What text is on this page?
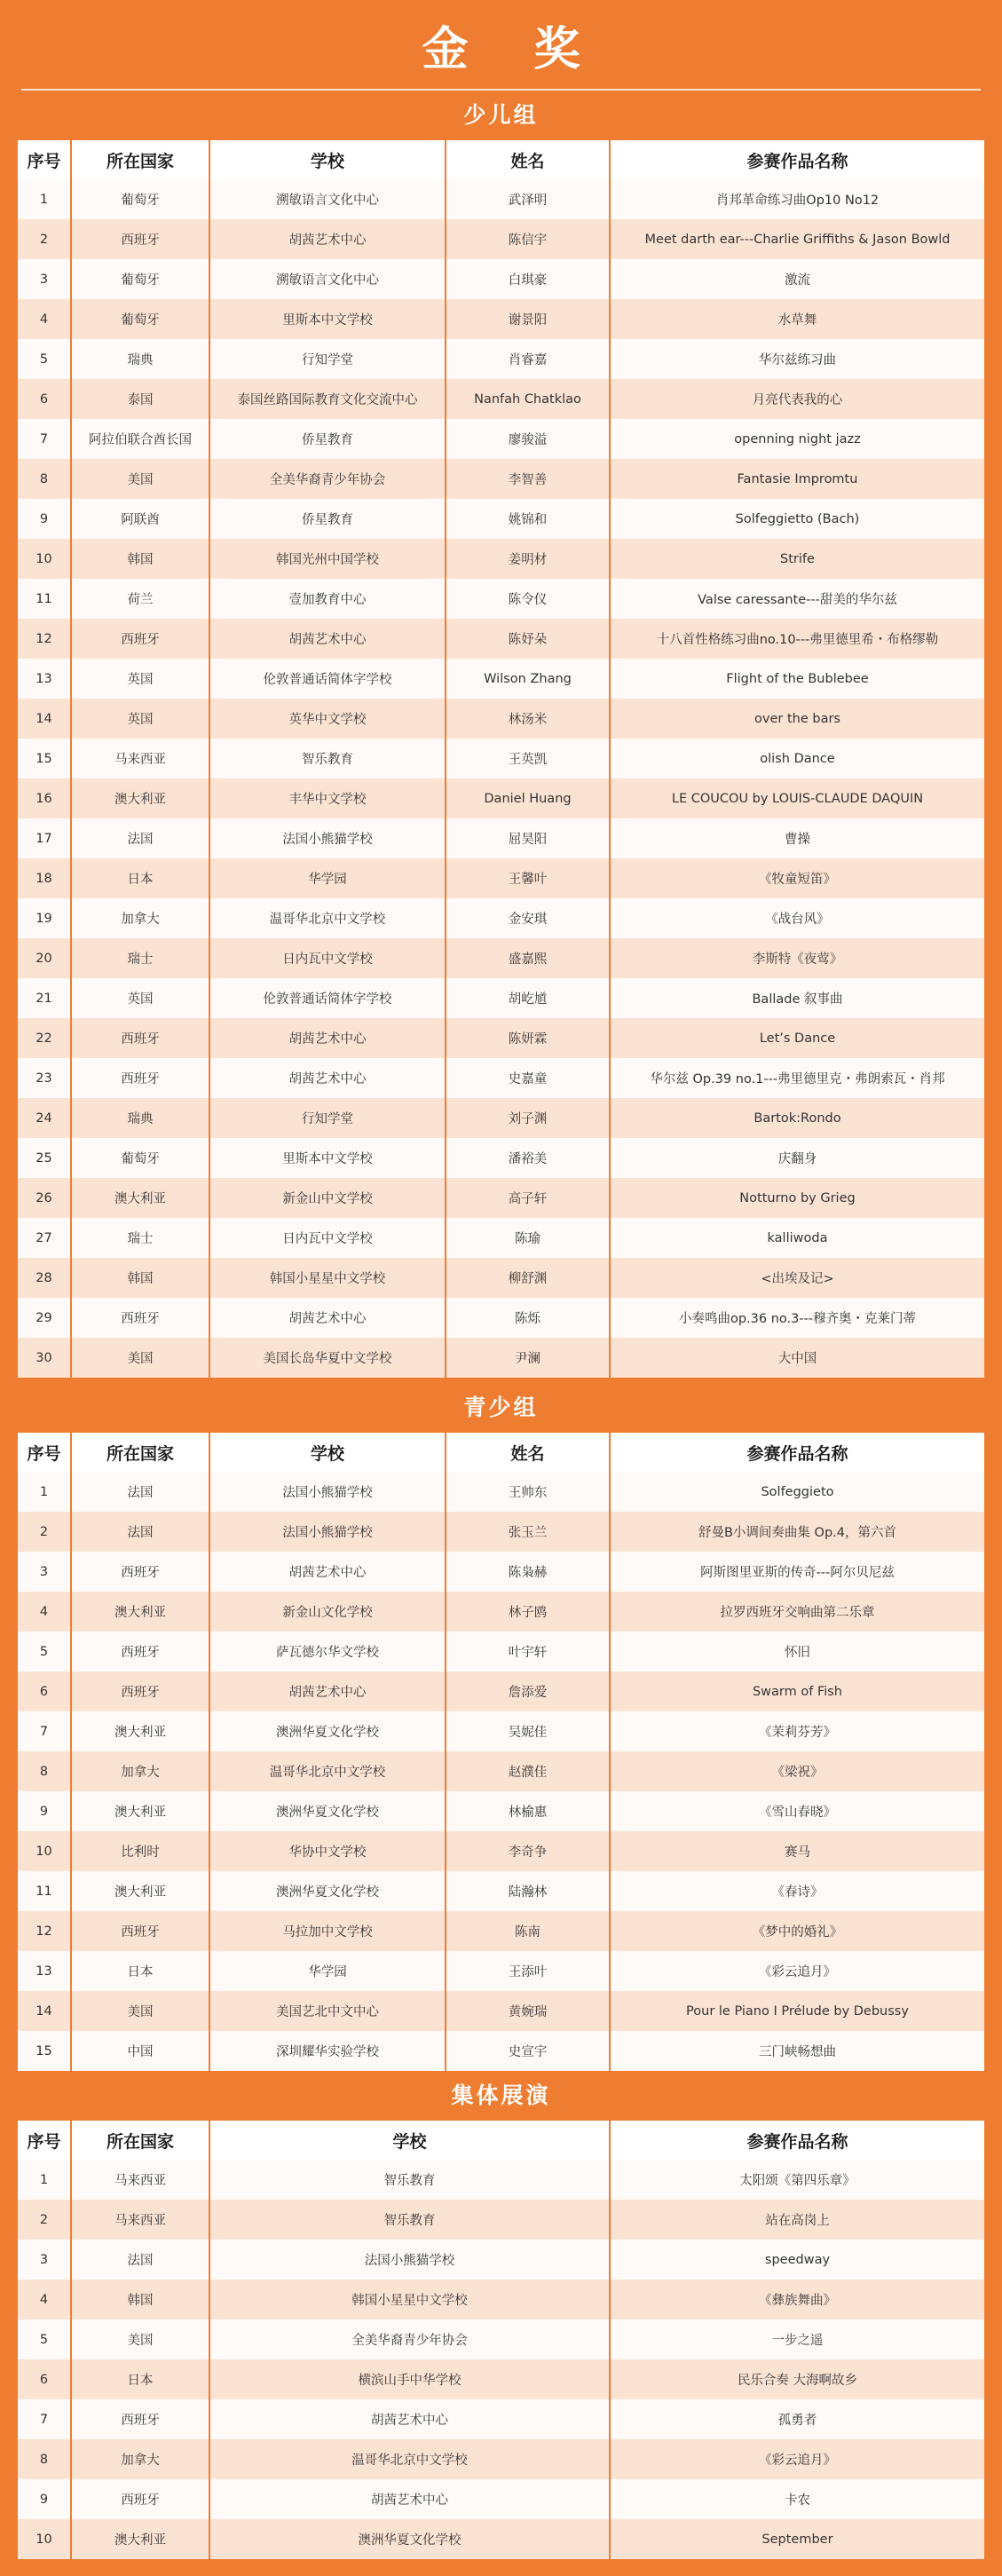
金 奖
少儿组
序号	所在国家	学校	姓名	参赛作品名称
1	葡萄牙	溯敏语言文化中心	武泽明	肖邦革命练习曲Op10 No12
2	西班牙	胡茜艺术中心	陈信宇	Meet darth ear---Charlie Griffiths & Jason Bowld
3	葡萄牙	溯敏语言文化中心	白琪豪	激流
4	葡萄牙	里斯本中文学校	谢景阳	水草舞
5	瑞典	行知学堂	肖睿嘉	华尔兹练习曲
6	泰国	泰国丝路国际教育文化交流中心	Nanfah Chatklao	月亮代表我的心
7	阿拉伯联合酋长国	侨星教育	廖骏溢	openning night jazz
8	美国	全美华裔青少年协会	李智善	Fantasie Impromtu
9	阿联酋	侨星教育	姚锦和	Solfeggietto (Bach)
10	韩国	韩国光州中国学校	姜明材	Strife
11	荷兰	壹加教育中心	陈令仪	Valse caressante---甜美的华尔兹
12	西班牙	胡茜艺术中心	陈妤朵	十八首性格练习曲no.10---弗里德里希・布格缪勒
13	英国	伦敦普通话简体字学校	Wilson Zhang	Flight of the Bublebee
14	英国	英华中文学校	林汤米	over the bars
15	马来西亚	智乐教育	王英凯	olish Dance
16	澳大利亚	丰华中文学校	Daniel Huang	LE COUCOU by LOUIS-CLAUDE DAQUIN
17	法国	法国小熊猫学校	屈昊阳	曹操
18	日本	华学园	王馨叶	《牧童短笛》
19	加拿大	温哥华北京中文学校	金安琪	《战台风》
20	瑞士	日内瓦中文学校	盛嘉熙	李斯特《夜莺》
21	英国	伦敦普通话简体字学校	胡屹馗	Ballade 叙事曲
22	西班牙	胡茜艺术中心	陈妍霖	Let’s Dance
23	西班牙	胡茜艺术中心	史嘉童	华尔兹 Op.39 no.1---弗里德里克・弗朗索瓦・肖邦
24	瑞典	行知学堂	刘子渊	Bartok:Rondo
25	葡萄牙	里斯本中文学校	潘裕美	庆翻身
26	澳大利亚	新金山中文学校	高子轩	Notturno by Grieg
27	瑞士	日内瓦中文学校	陈瑜	kalliwoda
28	韩国	韩国小星星中文学校	柳舒渊	<出埃及记>
29	西班牙	胡茜艺术中心	陈烁	小奏鸣曲op.36 no.3---穆齐奥・克莱门蒂
30	美国	美国长岛华夏中文学校	尹澜	大中国
青少组
序号	所在国家	学校	姓名	参赛作品名称
1	法国	法国小熊猫学校	王帅东	Solfeggieto
2	法国	法国小熊猫学校	张玉兰	舒曼B小调间奏曲集 Op.4，第六首
3	西班牙	胡茜艺术中心	陈枭赫	阿斯图里亚斯的传奇---阿尔贝尼兹
4	澳大利亚	新金山文化学校	林子鸥	拉罗西班牙交响曲第二乐章
5	西班牙	萨瓦德尔华文学校	叶宇轩	怀旧
6	西班牙	胡茜艺术中心	詹添爱	Swarm of Fish
7	澳大利亚	澳洲华夏文化学校	吴妮佳	《茉莉芬芳》
8	加拿大	温哥华北京中文学校	赵濮佳	《梁祝》
9	澳大利亚	澳洲华夏文化学校	林榆惠	《雪山春晓》
10	比利时	华协中文学校	李奇争	赛马
11	澳大利亚	澳洲华夏文化学校	陆瀚林	《春诗》
12	西班牙	马拉加中文学校	陈南	《梦中的婚礼》
13	日本	华学园	王添叶	《彩云追月》
14	美国	美国艺北中文中心	黄婉瑞	Pour le Piano I Prélude by Debussy
15	中国	深圳耀华实验学校	史宣宇	三门峡畅想曲
集体展演
序号	所在国家	学校	参赛作品名称
1	马来西亚	智乐教育	太阳颂《第四乐章》
2	马来西亚	智乐教育	站在高岗上
3	法国	法国小熊猫学校	speedway
4	韩国	韩国小星星中文学校	《彝族舞曲》
5	美国	全美华裔青少年协会	一步之遥
6	日本	横滨山手中华学校	民乐合奏 大海啊故乡
7	西班牙	胡茜艺术中心	孤勇者
8	加拿大	温哥华北京中文学校	《彩云追月》
9	西班牙	胡茜艺术中心	卡农
10	澳大利亚	澳洲华夏文化学校	September
